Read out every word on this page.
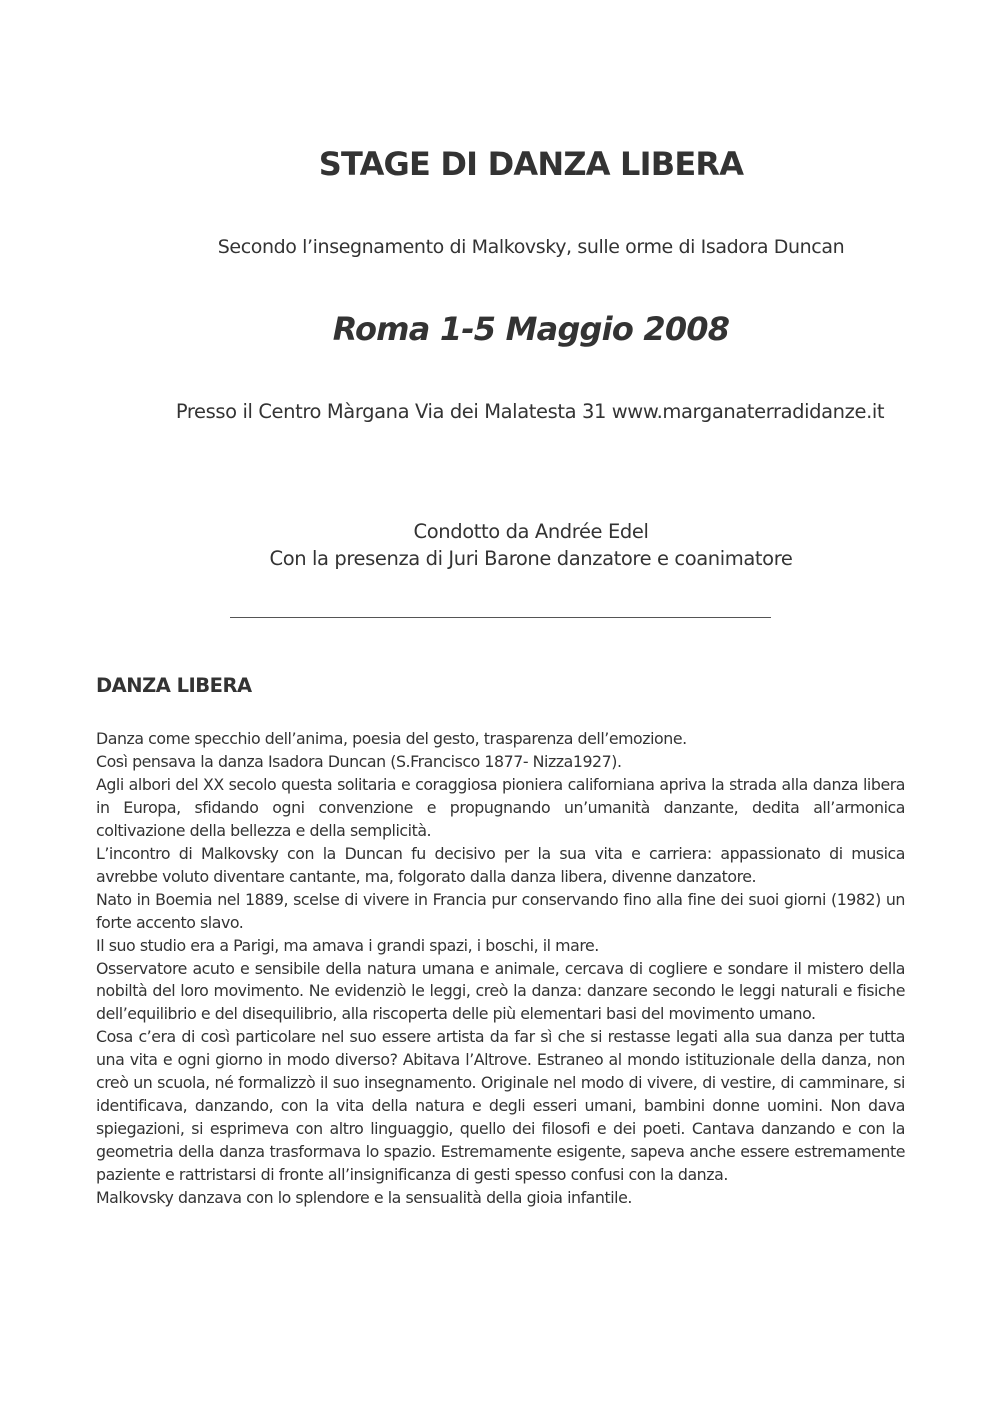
STAGE DI DANZA LIBERA
Secondo l’insegnamento di Malkovsky, sulle orme di Isadora Duncan
Roma 1-5 Maggio 2008
Presso il Centro Màrgana Via dei Malatesta 31 www.marganaterradidanze.it
Condotto da Andrée Edel
Con la presenza di Juri Barone danzatore e coanimatore
DANZA LIBERA

Danza come specchio dell’anima, poesia del gesto, trasparenza dell’emozione.

Così pensava la danza Isadora Duncan (S.Francisco 1877- Nizza1927).

Agli albori del XX secolo questa solitaria e coraggiosa pioniera californiana apriva la strada alla danza libera in Europa, sfidando ogni convenzione e propugnando un’umanità danzante, dedita all’armonica coltivazione della bellezza e della semplicità.

L’incontro di Malkovsky con la Duncan fu decisivo per la sua vita e carriera: appassionato di musica avrebbe voluto diventare cantante, ma, folgorato dalla danza libera, divenne danzatore.

Nato in Boemia nel 1889, scelse di vivere in Francia pur conservando fino alla fine dei suoi giorni (1982) un forte accento slavo.

Il suo studio era a Parigi, ma amava i grandi spazi, i boschi, il mare.

Osservatore acuto e sensibile della natura umana e animale, cercava di cogliere e sondare il mistero della nobiltà del loro movimento. Ne evidenziò le leggi, creò la danza: danzare secondo le leggi naturali e fisiche dell’equilibrio e del disequilibrio, alla riscoperta delle più elementari basi del movimento umano.

Cosa c’era di così particolare nel suo essere artista da far sì che si restasse legati alla sua danza per tutta una vita e ogni giorno in modo diverso? Abitava l’Altrove. Estraneo al mondo istituzionale della danza, non creò un scuola, né formalizzò il suo insegnamento. Originale nel modo di vivere, di vestire, di camminare, si identificava, danzando, con la vita della natura e degli esseri umani, bambini donne uomini. Non dava spiegazioni, si esprimeva con altro linguaggio, quello dei filosofi e dei poeti. Cantava danzando e con la geometria della danza trasformava lo spazio. Estremamente esigente, sapeva anche essere estremamente paziente e rattristarsi di fronte all’insignificanza di gesti spesso confusi con la danza.

Malkovsky danzava con lo splendore e la sensualità della gioia infantile.
